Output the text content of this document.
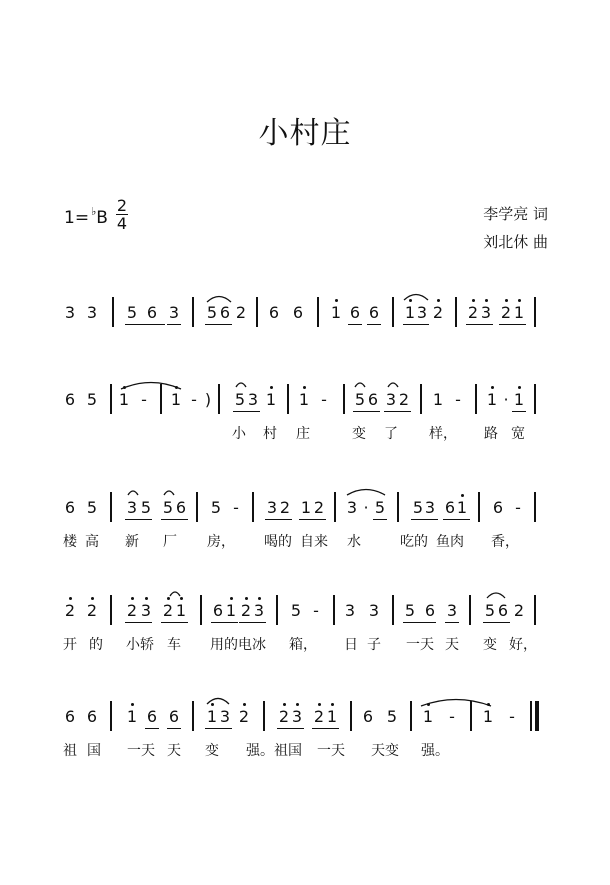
小村庄
$1= ^♭B \frac{2}{4}$	李学亮 词
刘北休 曲
3 3 5 6 3 5 6 2 6 6 1 6 6 1 3 2 2 3 2 1
6 5 1 - 1 - ) 5 3 1 1 - 5 6 3 2 1 - 1 · 1
小 村 庄	变 了 样， 路 宽
6 5 3 5 5 6 5 - 3 2 1 2 3 · 5 5 3 6 1 6 -
楼 高 新 厂 房， 喝的 自来 水	吃的 鱼肉 香，
2 2 2 3 2 1 6 1 2 3 5 - 3 3 5 6 3 5 6 2
开 的 小轿 车 用的电冰 箱， 日 子 一天 天 变 好，
6 6 1 6 6 1 3 2 2 3 2 1 6 5 1 - 1 -
祖 国 一天 天 变	强。祖国	一天 天变 强。
